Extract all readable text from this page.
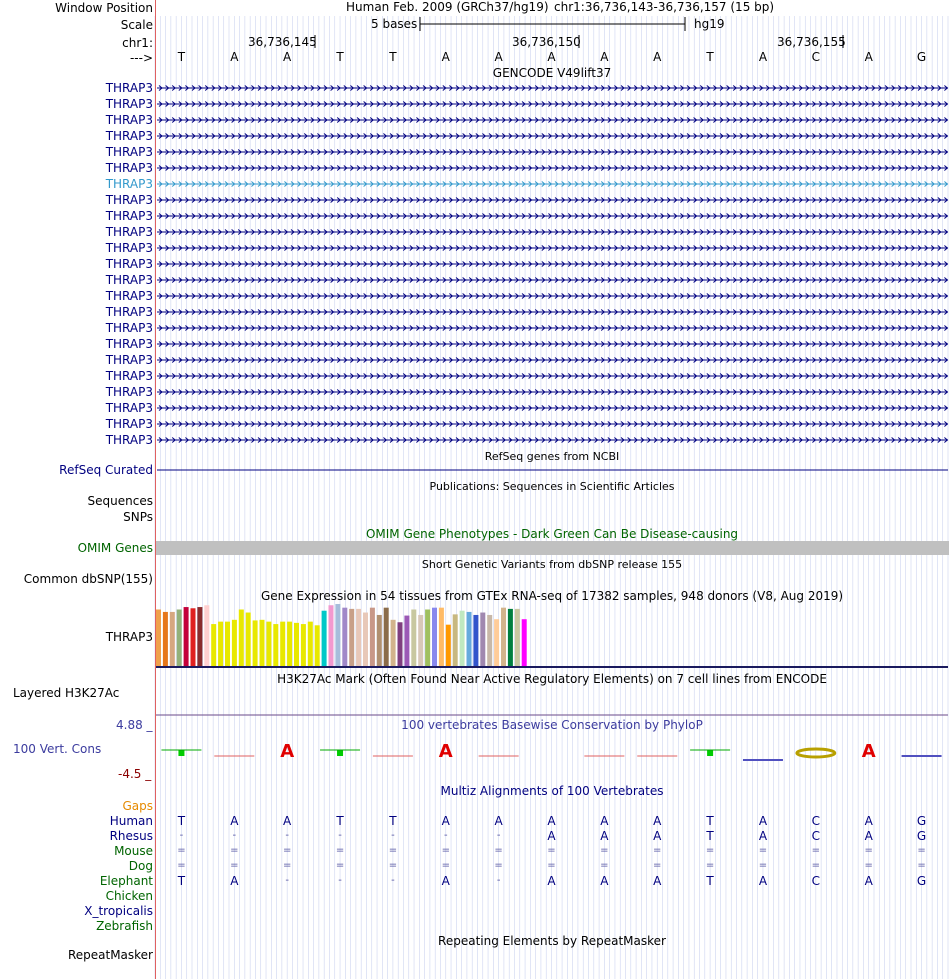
A	A	A
Window Position	Human Feb. 2009 (GRCh37/hg19) chr1:36,736,143-36,736,157 (15 bp)
Scale	5 bases	hg19
chr1:	36,736,145	36,736,150	36,736,155
---> T	A	A	T	T	A	A	A	A	A	T	A	C	A	G
GENCODE V49lift37
THRAP3
THRAP3
THRAP3
THRAP3
THRAP3
THRAP3
THRAP3
THRAP3
THRAP3
THRAP3
THRAP3
THRAP3
THRAP3
THRAP3
THRAP3
THRAP3
THRAP3
THRAP3
THRAP3
THRAP3
THRAP3
THRAP3
THRAP3
RefSeq genes from NCBI
RefSeq Curated
Publications: Sequences in Scientific Articles
Sequences
SNPs
OMIM Gene Phenotypes - Dark Green Can Be Disease-causing
OMIM Genes
Short Genetic Variants from dbSNP release 155
Common dbSNP(155)
Gene Expression in 54 tissues from GTEx RNA-seq of 17382 samples, 948 donors (V8, Aug 2019)
THRAP3
H3K27Ac Mark (Often Found Near Active Regulatory Elements) on 7 cell lines from ENCODE
Layered H3K27Ac
100 vertebrates Basewise Conservation by PhyloP
4.88 _
100 Vert. Cons
-4.5 _
Multiz Alignments of 100 Vertebrates
Gaps
Human T	A	A	T	T	A	A	A	A	A	T	A	C	A	G
Rhesus	-	-	-	-	-	-	-	A	A	A	T	A	C	A	G
Mouse =	=	=	=	=	=	=	=	=	=	=	=	=	=	=
Dog =	=	=	=	=	=	=	=	=	=	=	=	=	=	=
Elephant T	A	-	-	-	A	-	A	A	A	T	A	C	A	G
Chicken
X_tropicalis
Zebrafish
Repeating Elements by RepeatMasker
RepeatMasker
